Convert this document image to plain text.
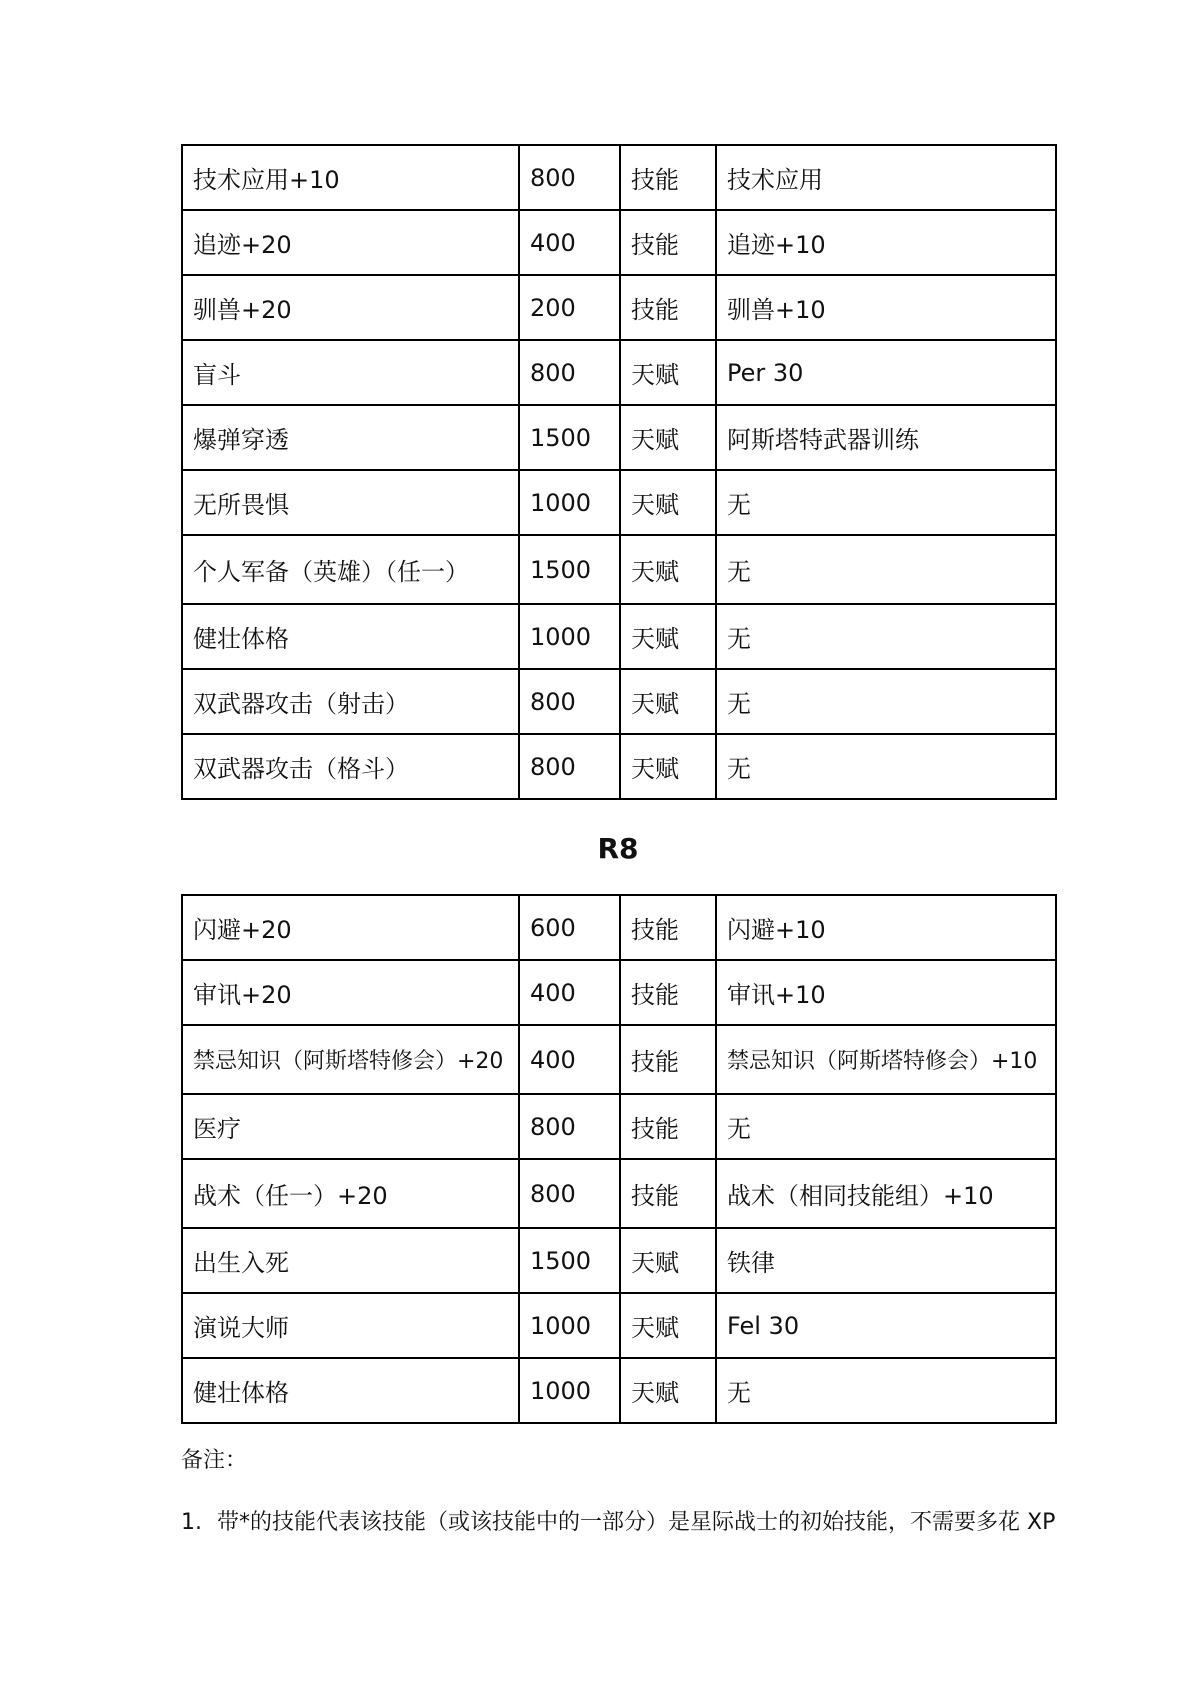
技术应用+10	800	技能	技术应用
追迹+20	400	技能	追迹+10
驯兽+20	200	技能	驯兽+10
盲斗	800	天赋	Per 30
爆弹穿透	1500	天赋	阿斯塔特武器训练
无所畏惧	1000	天赋	无
个人军备（英雄）（任一）	1500	天赋	无
健壮体格	1000	天赋	无
双武器攻击（射击）	800	天赋	无
双武器攻击（格斗）	800	天赋	无
R8
闪避+20	600	技能	闪避+10
审讯+20	400	技能	审讯+10
禁忌知识（阿斯塔特修会）+20	400	技能	禁忌知识（阿斯塔特修会）+10
医疗	800	技能	无
战术（任一）+20	800	技能	战术（相同技能组）+10
出生入死	1500	天赋	铁律
演说大师	1000	天赋	Fel 30
健壮体格	1000	天赋	无
备注：
1. 带*的技能代表该技能（或该技能中的一部分）是星际战士的初始技能，不需要多花 XP
